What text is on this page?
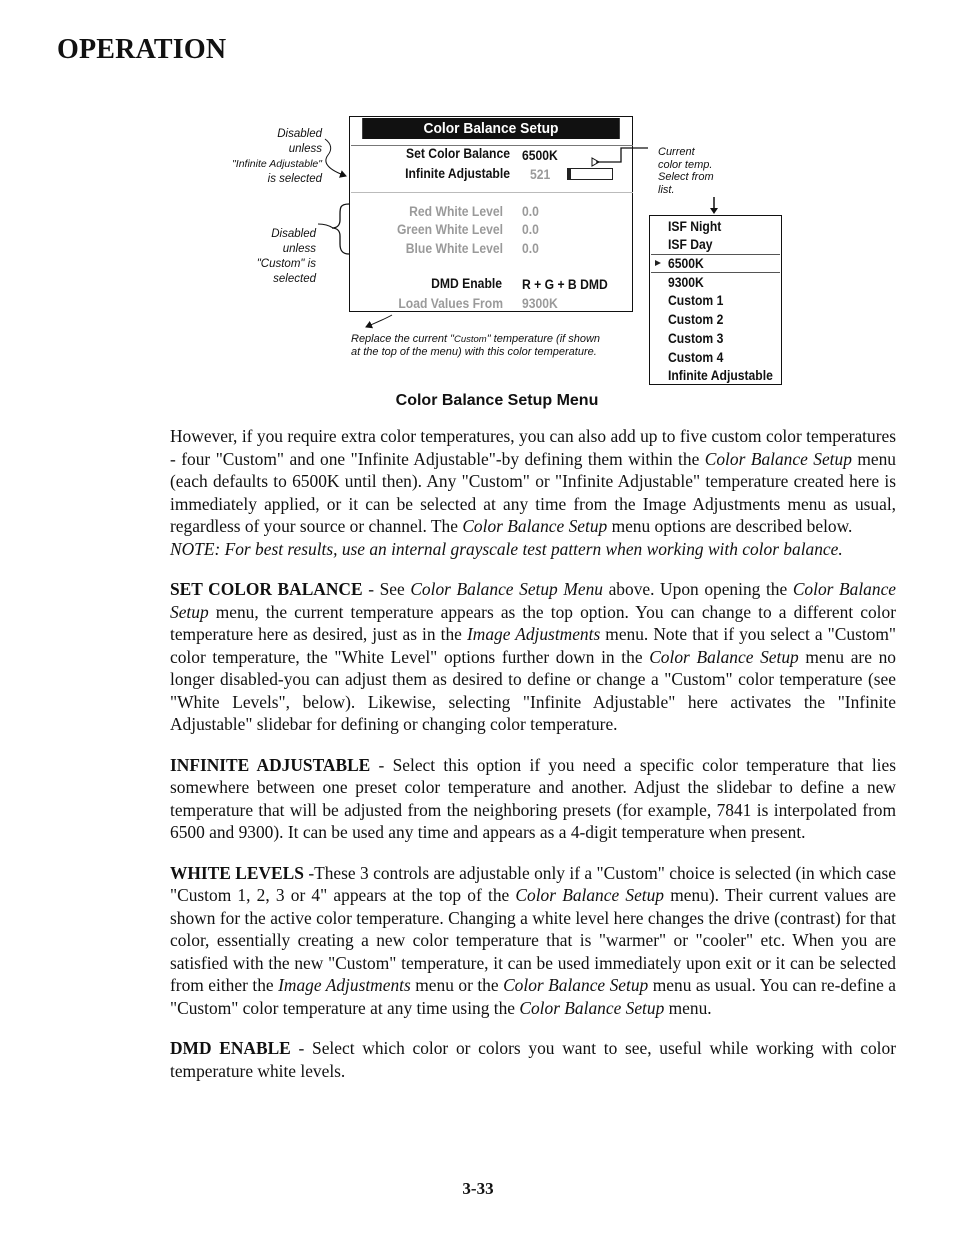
OPERATION
Disabled
unless
"Infinite Adjustable"
is selected
Disabled
unless
"Custom" is
selected
Color Balance Setup
Set Color Balance 6500K
Infinite Adjustable 521
Red White Level 0.0
Green White Level 0.0
Blue White Level 0.0
DMD Enable R + G + B DMD
Load Values From 9300K
Replace the current "Custom" temperature (if shown
at the top of the menu) with this color temperature.
Current
color temp.
Select from
list.
ISF Night
ISF Day
6500K
9300K
Custom 1
Custom 2
Custom 3
Custom 4
Infinite Adjustable
Color Balance Setup Menu

However, if you require extra color temperatures, you can also add up to five custom color temperatures - four "Custom" and one "Infinite Adjustable"-by defining them within the Color Balance Setup menu (each defaults to 6500K until then). Any "Custom" or "Infinite Adjustable" temperature created here is immediately applied, or it can be selected at any time from the Image Adjustments menu as usual, regardless of your source or channel. The Color Balance Setup menu options are described below.

NOTE: For best results, use an internal grayscale test pattern when working with color balance.

SET COLOR BALANCE - See Color Balance Setup Menu above. Upon opening the Color Balance Setup menu, the current temperature appears as the top option. You can change to a different color temperature here as desired, just as in the Image Adjustments menu. Note that if you select a "Custom" color temperature, the "White Level" options further down in the Color Balance Setup menu are no longer disabled-you can adjust them as desired to define or change a "Custom" color temperature (see "White Levels", below). Likewise, selecting "Infinite Adjustable" here activates the "Infinite Adjustable" slidebar for defining or changing color temperature.

INFINITE ADJUSTABLE - Select this option if you need a specific color temperature that lies somewhere between one preset color temperature and another. Adjust the slidebar to define a new temperature that will be adjusted from the neighboring presets (for example, 7841 is interpolated from 6500 and 9300). It can be used any time and appears as a 4-digit temperature when present.

WHITE LEVELS -These 3 controls are adjustable only if a "Custom" choice is selected (in which case "Custom 1, 2, 3 or 4" appears at the top of the Color Balance Setup menu). Their current values are shown for the active color temperature. Changing a white level here changes the drive (contrast) for that color, essentially creating a new color temperature that is "warmer" or "cooler" etc. When you are satisfied with the new "Custom" temperature, it can be used immediately upon exit or it can be selected from either the Image Adjustments menu or the Color Balance Setup menu as usual. You can re-define a "Custom" color temperature at any time using the Color Balance Setup menu.

DMD ENABLE - Select which color or colors you want to see, useful while working with color temperature white levels.

3-33
